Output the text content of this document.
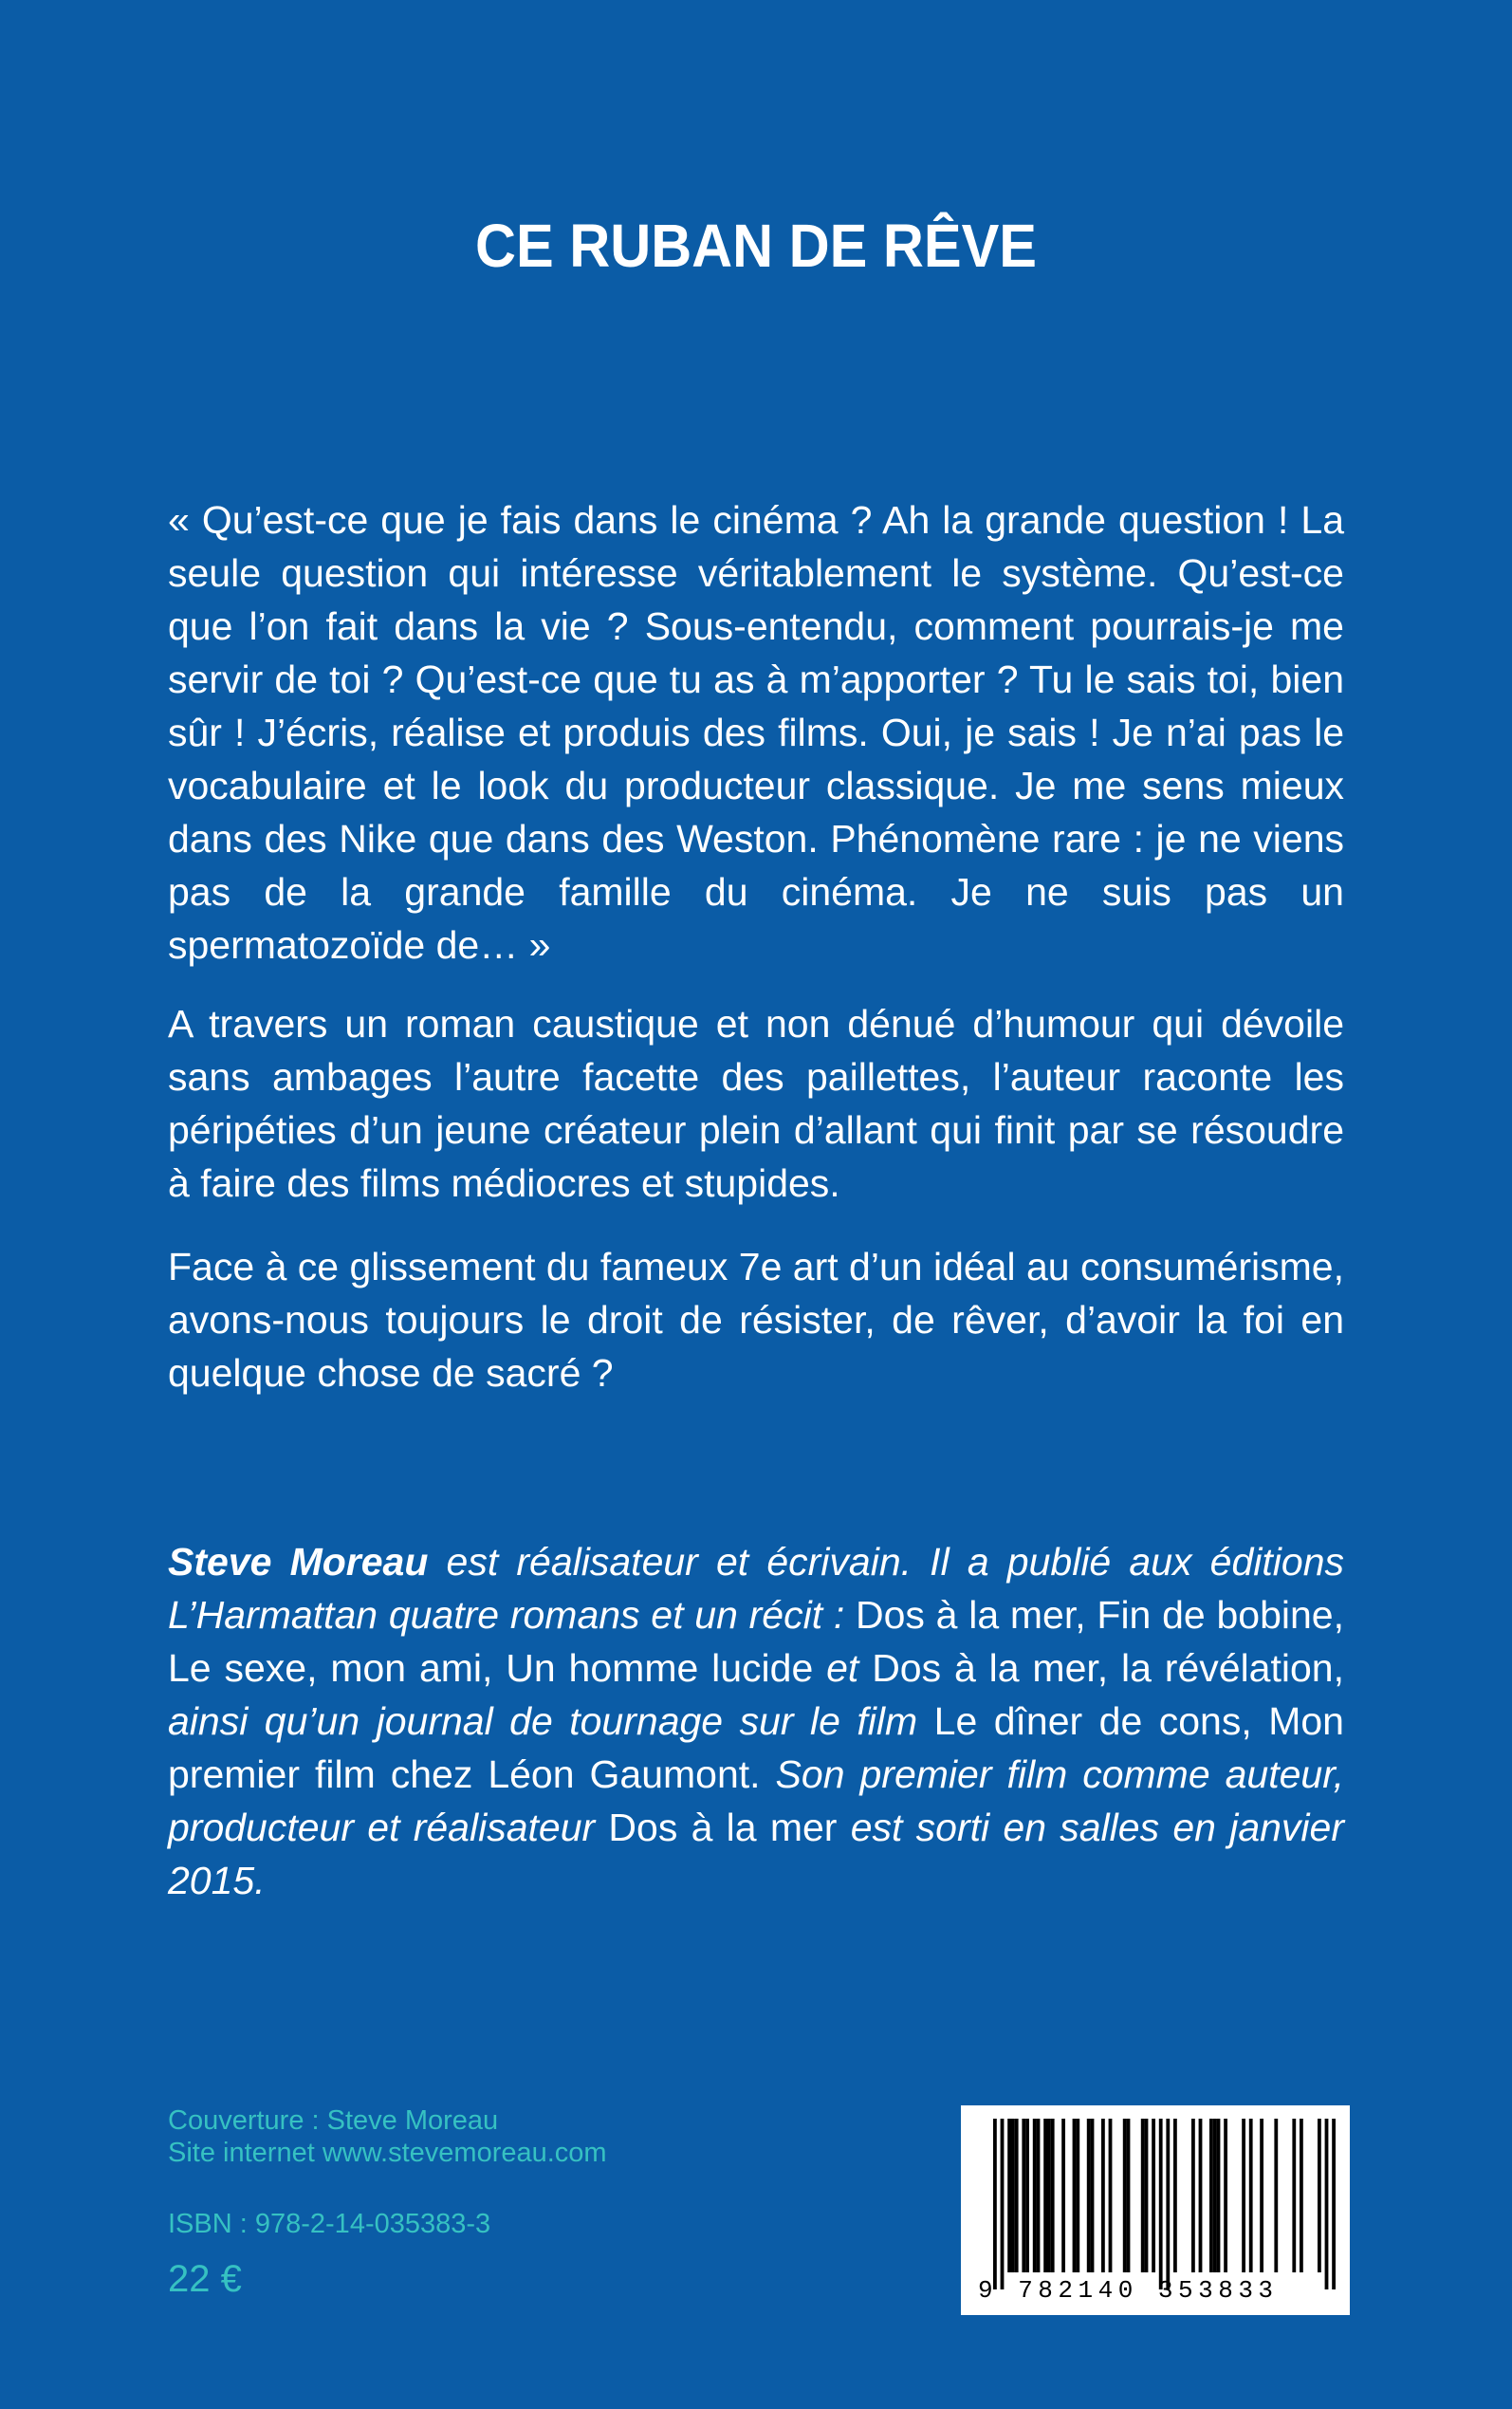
CE RUBAN DE RÊVE

« Qu’est-ce que je fais dans le cinéma ? Ah la grande question ! La seule question qui intéresse véritablement le système. Qu’est-ce que l’on fait dans la vie ? Sous-entendu, comment pourrais-je me servir de toi ? Qu’est-ce que tu as à m’apporter ? Tu le sais toi, bien sûr ! J’écris, réalise et produis des films. Oui, je sais ! Je n’ai pas le vocabulaire et le look du producteur classique. Je me sens mieux dans des Nike que dans des Weston. Phénomène rare : je ne viens pas de la grande famille du cinéma. Je ne suis pas un spermatozoïde de… »

A travers un roman caustique et non dénué d’humour qui dévoile sans ambages l’autre facette des paillettes, l’auteur raconte les péripéties d’un jeune créateur plein d’allant qui finit par se résoudre à faire des films médiocres et stupides.

Face à ce glissement du fameux 7e art d’un idéal au consumérisme, avons-nous toujours le droit de résister, de rêver, d’avoir la foi en quelque chose de sacré ?

Steve Moreau est réalisateur et écrivain. Il a publié aux éditions L’Harmattan quatre romans et un récit : Dos à la mer, Fin de bobine, Le sexe, mon ami, Un homme lucide et Dos à la mer, la révélation, ainsi qu’un journal de tournage sur le film Le dîner de cons, Mon premier film chez Léon Gaumont. Son premier film comme auteur, producteur et réalisateur Dos à la mer est sorti en salles en janvier 2015.

Couverture : Steve Moreau
Site internet www.stevemoreau.com
ISBN : 978-2-14-035383-3
22 €	9 782140 353833
